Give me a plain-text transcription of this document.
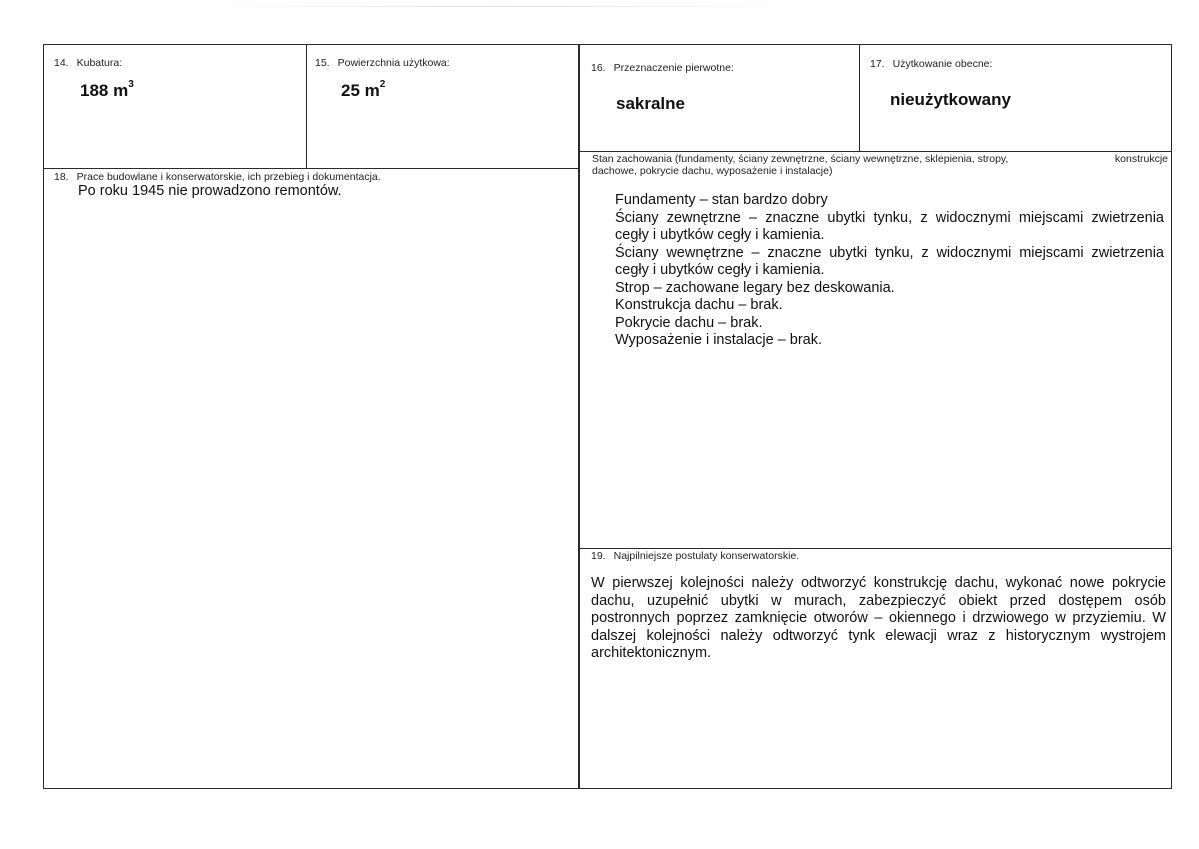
14. Kubatura:
188 $m^3$
15. Powierzchnia użytkowa:
25 $m^2$
16. Przeznaczenie pierwotne:
sakralne
17. Użytkowanie obecne:
nieużytkowany
18. Prace budowlane i konserwatorskie, ich przebieg i dokumentacja.
Po roku 1945 nie prowadzono remontów.
Stan zachowania (fundamenty, ściany zewnętrzne, ściany wewnętrzne, sklepienia, stropy,	konstrukcje
dachowe, pokrycie dachu, wyposażenie i instalacje)
Fundamenty – stan bardzo dobry
Ściany zewnętrzne – znaczne ubytki tynku, z widocznymi miejscami zwietrzenia cegły i ubytków cegły i kamienia.
Ściany wewnętrzne – znaczne ubytki tynku, z widocznymi miejscami zwietrzenia cegły i ubytków cegły i kamienia.
Strop – zachowane legary bez deskowania.
Konstrukcja dachu – brak.
Pokrycie dachu – brak.
Wyposażenie i instalacje – brak.
19. Najpilniejsze postulaty konserwatorskie.
W pierwszej kolejności należy odtworzyć konstrukcję dachu, wykonać nowe pokrycie dachu, uzupełnić ubytki w murach, zabezpieczyć obiekt przed dostępem osób postronnych poprzez zamknięcie otworów – okiennego i drzwiowego w przyziemiu. W dalszej kolejności należy odtworzyć tynk elewacji wraz z historycznym wystrojem architektonicznym.
